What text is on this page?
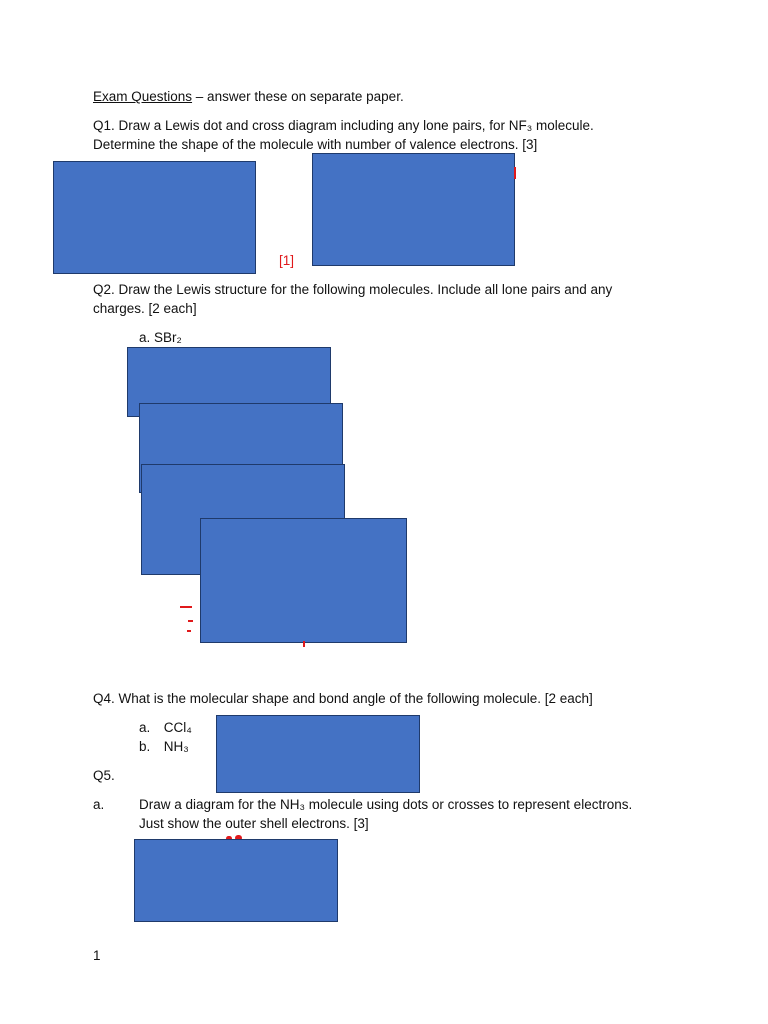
Exam Questions – answer these on separate paper.
Q1. Draw a Lewis dot and cross diagram including any lone pairs, for NF₃ molecule.
Determine the shape of the molecule with number of valence electrons. [3]
[1]
Q2. Draw the Lewis structure for the following molecules. Include all lone pairs and any
charges. [2 each]
a. SBr₂
Q4. What is the molecular shape and bond angle of the following molecule. [2 each]
a. CCl₄
b. NH₃
Q5.
a.	Draw a diagram for the NH₃ molecule using dots or crosses to represent electrons.
Just show the outer shell electrons. [3]
1
